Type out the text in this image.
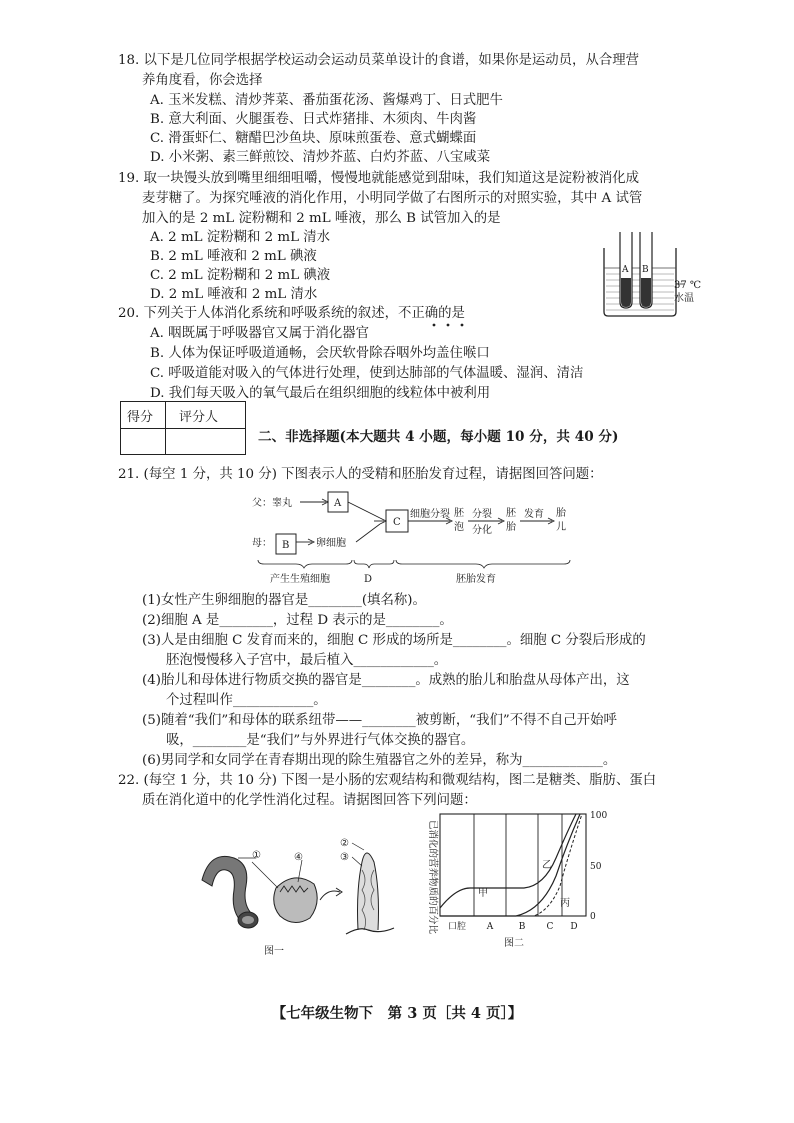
18. 以下是几位同学根据学校运动会运动员菜单设计的食谱，如果你是运动员，从合理营
养角度看，你会选择
A. 玉米发糕、清炒荠菜、番茄蛋花汤、酱爆鸡丁、日式肥牛
B. 意大利面、火腿蛋卷、日式炸猪排、木须肉、牛肉酱
C. 滑蛋虾仁、糖醋巴沙鱼块、原味煎蛋卷、意式蝴蝶面
D. 小米粥、素三鲜煎饺、清炒芥蓝、白灼芥蓝、八宝咸菜
19. 取一块馒头放到嘴里细细咀嚼，慢慢地就能感觉到甜味，我们知道这是淀粉被消化成
麦芽糖了。为探究唾液的消化作用，小明同学做了右图所示的对照实验，其中 A 试管
加入的是 2 mL 淀粉糊和 2 mL 唾液，那么 B 试管加入的是
A. 2 mL 淀粉糊和 2 mL 清水
B. 2 mL 唾液和 2 mL 碘液
C. 2 mL 淀粉糊和 2 mL 碘液
D. 2 mL 唾液和 2 mL 清水
A B
37 ℃
水温
20. 下列关于人体消化系统和呼吸系统的叙述，不正确的是
A. 咽既属于呼吸器官又属于消化器官
B. 人体为保证呼吸道通畅，会厌软骨除吞咽外均盖住喉口
C. 呼吸道能对吸入的气体进行处理，使到达肺部的气体温暖、湿润、清洁
D. 我们每天吸入的氧气最后在组织细胞的线粒体中被利用
得分 评分人
二、非选择题(本大题共 4 小题，每小题 10 分，共 40 分)
21. (每空 1 分，共 10 分) 下图表示人的受精和胚胎发育过程，请据图回答问题：
父：睾丸	A
母： B	卵细胞
C
细胞分裂 胚
泡
分裂
分化
胚
胎
发育 胎
儿
产生生殖细胞	D	胚胎发育
(1)女性产生卵细胞的器官是________(填名称)。
(2)细胞 A 是________，过程 D 表示的是________。
(3)人是由细胞 C 发育而来的，细胞 C 形成的场所是________。细胞 C 分裂后形成的
胚泡慢慢移入子宫中，最后植入____________。
(4)胎儿和母体进行物质交换的器官是________。成熟的胎儿和胎盘从母体产出，这
个过程叫作____________。
(5)随着“我们”和母体的联系纽带——________被剪断，“我们”不得不自己开始呼
吸，________是“我们”与外界进行气体交换的器官。
(6)男同学和女同学在青春期出现的除生殖器官之外的差异，称为____________。
22. (每空 1 分，共 10 分) 下图一是小肠的宏观结构和微观结构，图二是糖类、脂肪、蛋白
质在消化道中的化学性消化过程。请据图回答下列问题：
①	④
②
③
图一
已消化的营养物质的百分比
100
50
0
口腔 A	B C D
甲
乙
丙
图二
【七年级生物下　第 3 页［共 4 页］】
